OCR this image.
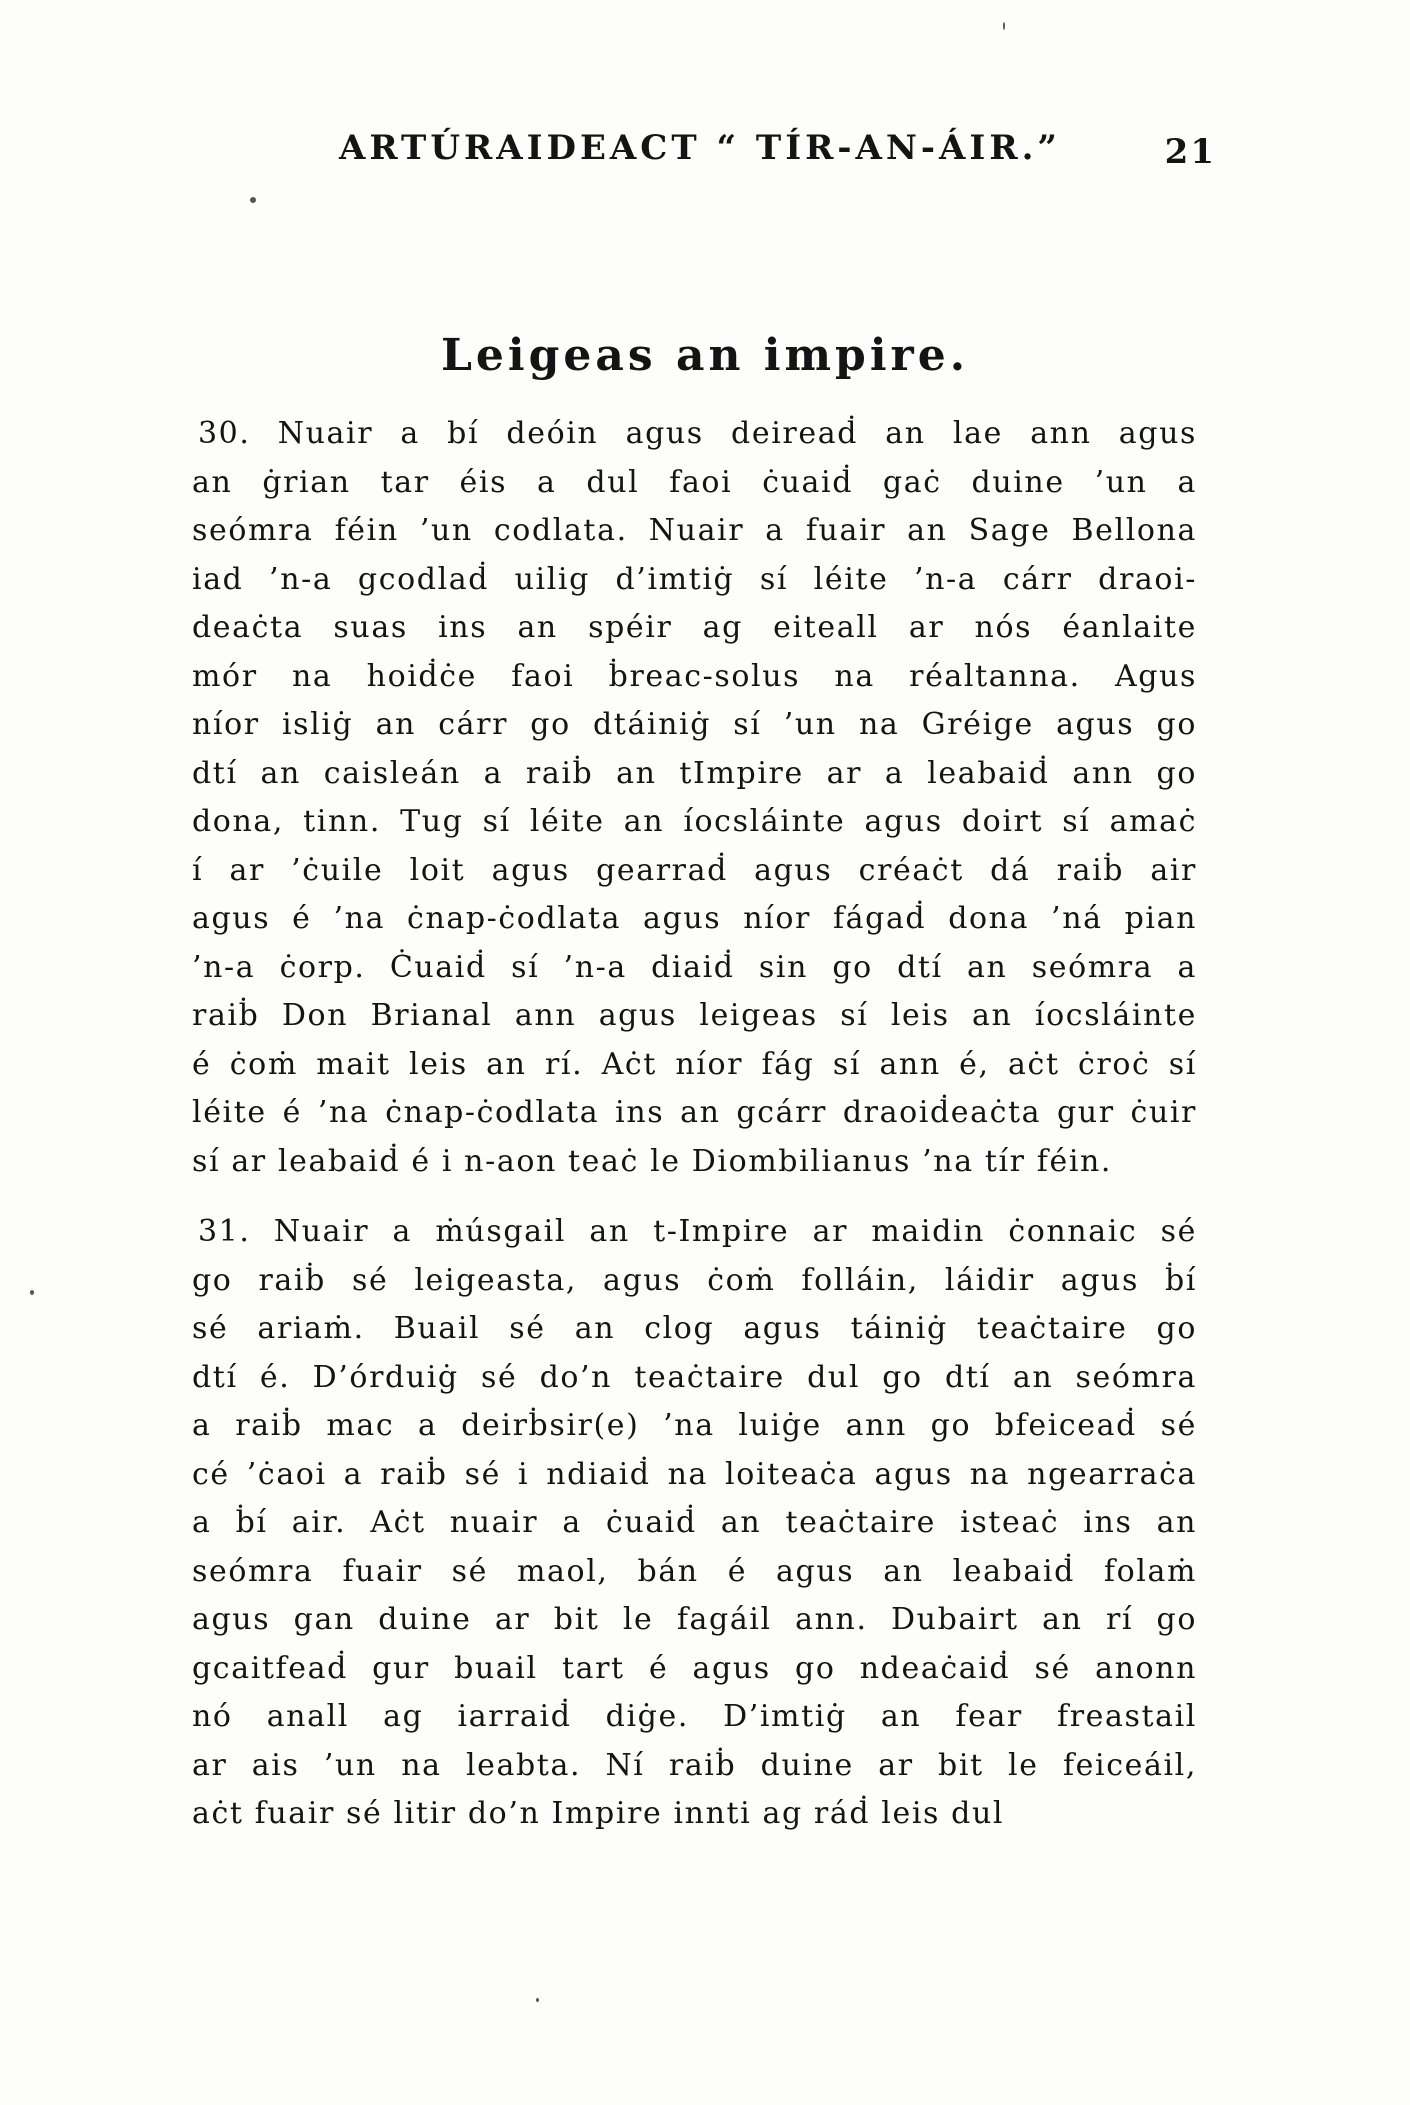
ARTÚRAIDEACT “ TÍR-AN-ÁIR.”	21
Leigeas an impire.
30. Nuair a bí deóin agus deireaḋ an lae ann agus
an ġrian tar éis a dul faoi ċuaiḋ gaċ duine ’un a
seómra féin ’un codlata. Nuair a fuair an Sage Bellona
iad ’n-a gcodlaḋ uilig d’imtiġ sí léite ’n-a cárr draoi-
deaċta suas ins an spéir ag eiteall ar nós éanlaite
mór na hoiḋċe faoi ḃreac-solus na réaltanna. Agus
níor isliġ an cárr go dtáiniġ sí ’un na Gréige agus go
dtí an caisleán a raiḃ an tImpire ar a leabaiḋ ann go
dona, tinn. Tug sí léite an íocsláinte agus doirt sí amaċ
í ar ’ċuile loit agus gearraḋ agus créaċt dá raiḃ air
agus é ’na ċnap-ċodlata agus níor fágaḋ dona ’ná pian
’n-a ċorp. Ċuaiḋ sí ’n-a diaiḋ sin go dtí an seómra a
raiḃ Don Brianal ann agus leigeas sí leis an íocsláinte
é ċoṁ mait leis an rí. Aċt níor fág sí ann é, aċt ċroċ sí
léite é ’na ċnap-ċodlata ins an gcárr draoiḋeaċta gur ċuir
sí ar leabaiḋ é i n-aon teaċ le Diombilianus ’na tír féin.
31. Nuair a ṁúsgail an t-Impire ar maidin ċonnaic sé
go raiḃ sé leigeasta, agus ċoṁ folláin, láidir agus ḃí
sé ariaṁ. Buail sé an clog agus táiniġ teaċtaire go
dtí é. D’órduiġ sé do’n teaċtaire dul go dtí an seómra
a raiḃ mac a deirḃsir(e) ’na luiġe ann go bfeiceaḋ sé
cé ’ċaoi a raiḃ sé i ndiaiḋ na loiteaċa agus na ngearraċa
a ḃí air. Aċt nuair a ċuaiḋ an teaċtaire isteaċ ins an
seómra fuair sé maol, bán é agus an leabaiḋ folaṁ
agus gan duine ar bit le fagáil ann. Dubairt an rí go
gcaitfeaḋ gur buail tart é agus go ndeaċaiḋ sé anonn
nó anall ag iarraiḋ diġe. D’imtiġ an fear freastail
ar ais ’un na leabta. Ní raiḃ duine ar bit le feiceáil,
aċt fuair sé litir do’n Impire innti ag ráḋ leis dul
